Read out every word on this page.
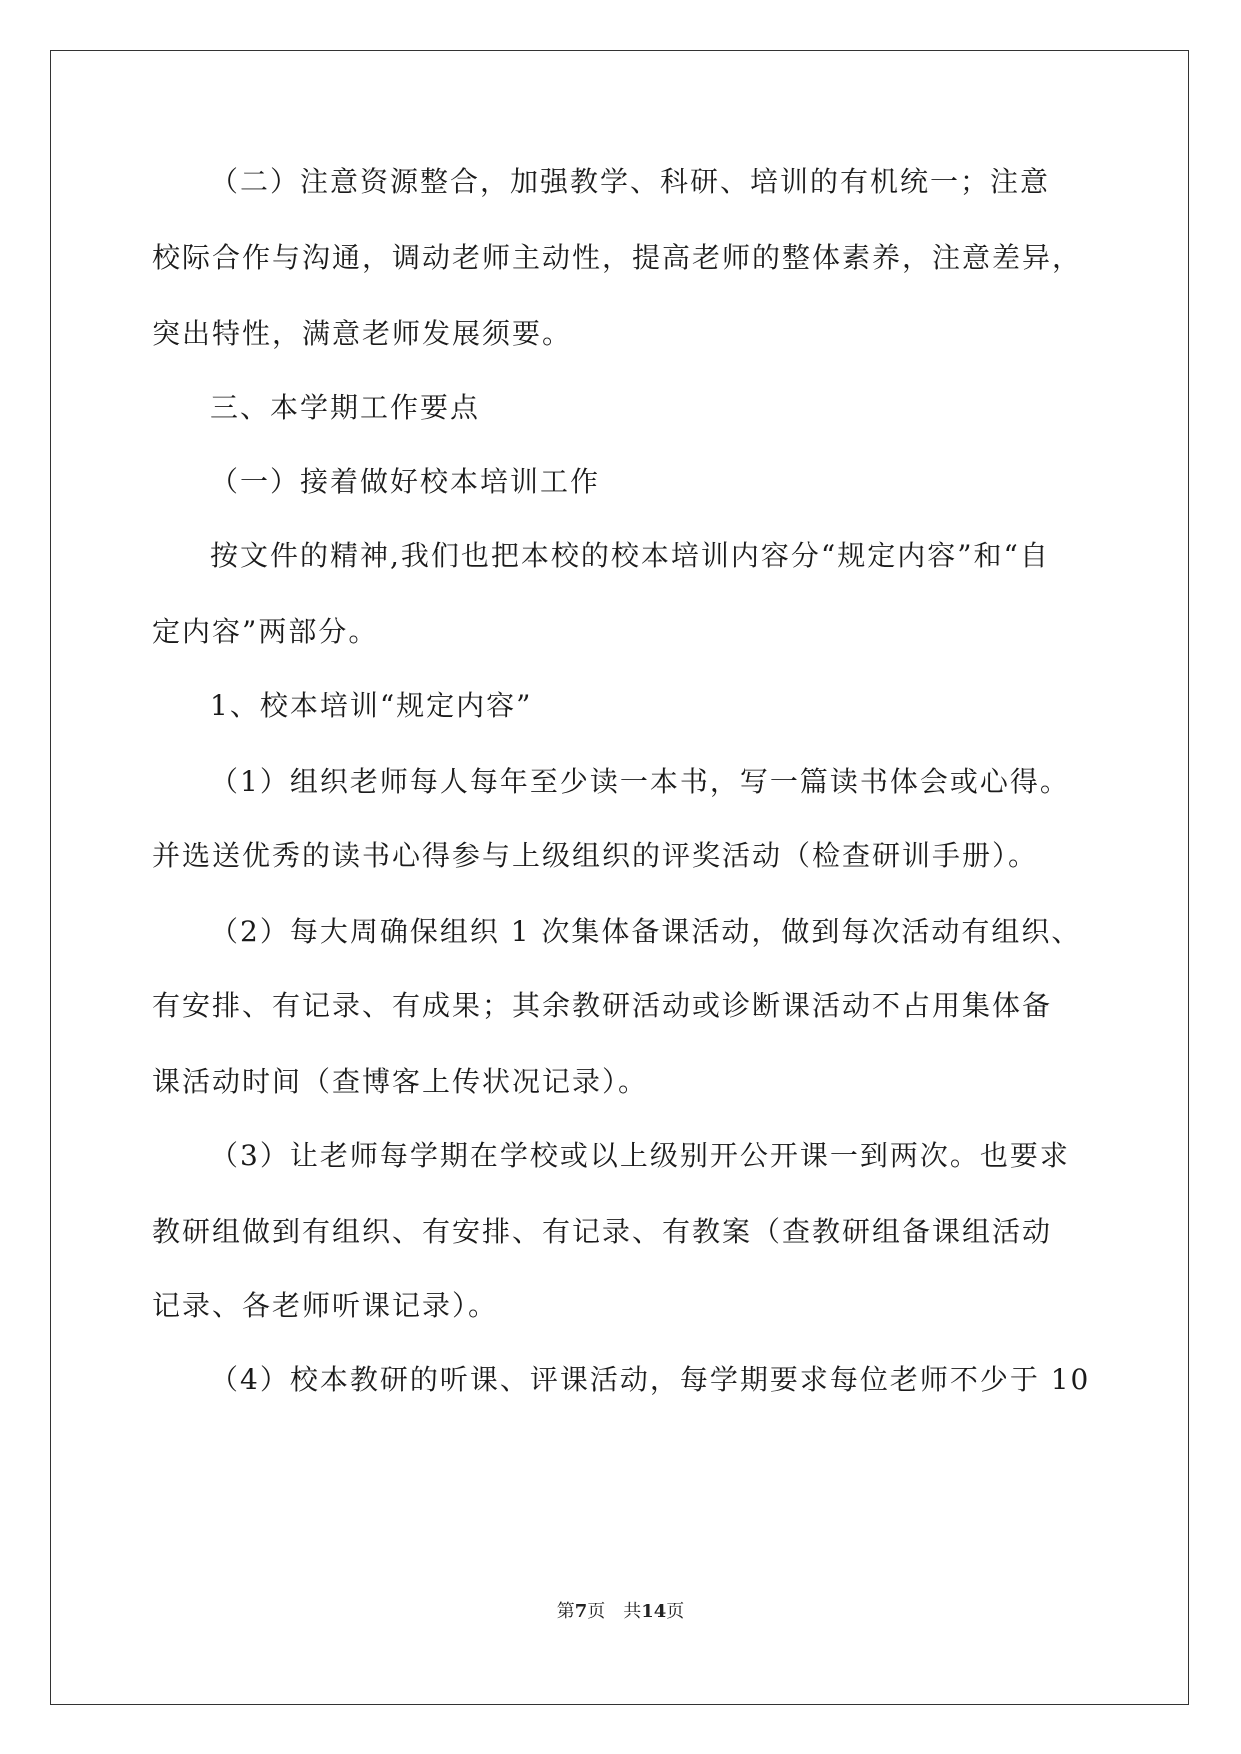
（二）注意资源整合，加强教学、科研、培训的有机统一；注意
校际合作与沟通，调动老师主动性，提高老师的整体素养，注意差异，
突出特性，满意老师发展须要。
三、本学期工作要点
（一）接着做好校本培训工作
按文件的精神,我们也把本校的校本培训内容分“规定内容”和“自
定内容”两部分。
1、校本培训“规定内容”
（1）组织老师每人每年至少读一本书，写一篇读书体会或心得。
并选送优秀的读书心得参与上级组织的评奖活动（检查研训手册）。
（2）每大周确保组织 1 次集体备课活动，做到每次活动有组织、
有安排、有记录、有成果；其余教研活动或诊断课活动不占用集体备
课活动时间（查博客上传状况记录）。
（3）让老师每学期在学校或以上级别开公开课一到两次。也要求
教研组做到有组织、有安排、有记录、有教案（查教研组备课组活动
记录、各老师听课记录）。
（4）校本教研的听课、评课活动，每学期要求每位老师不少于 10
第7页 共14页
